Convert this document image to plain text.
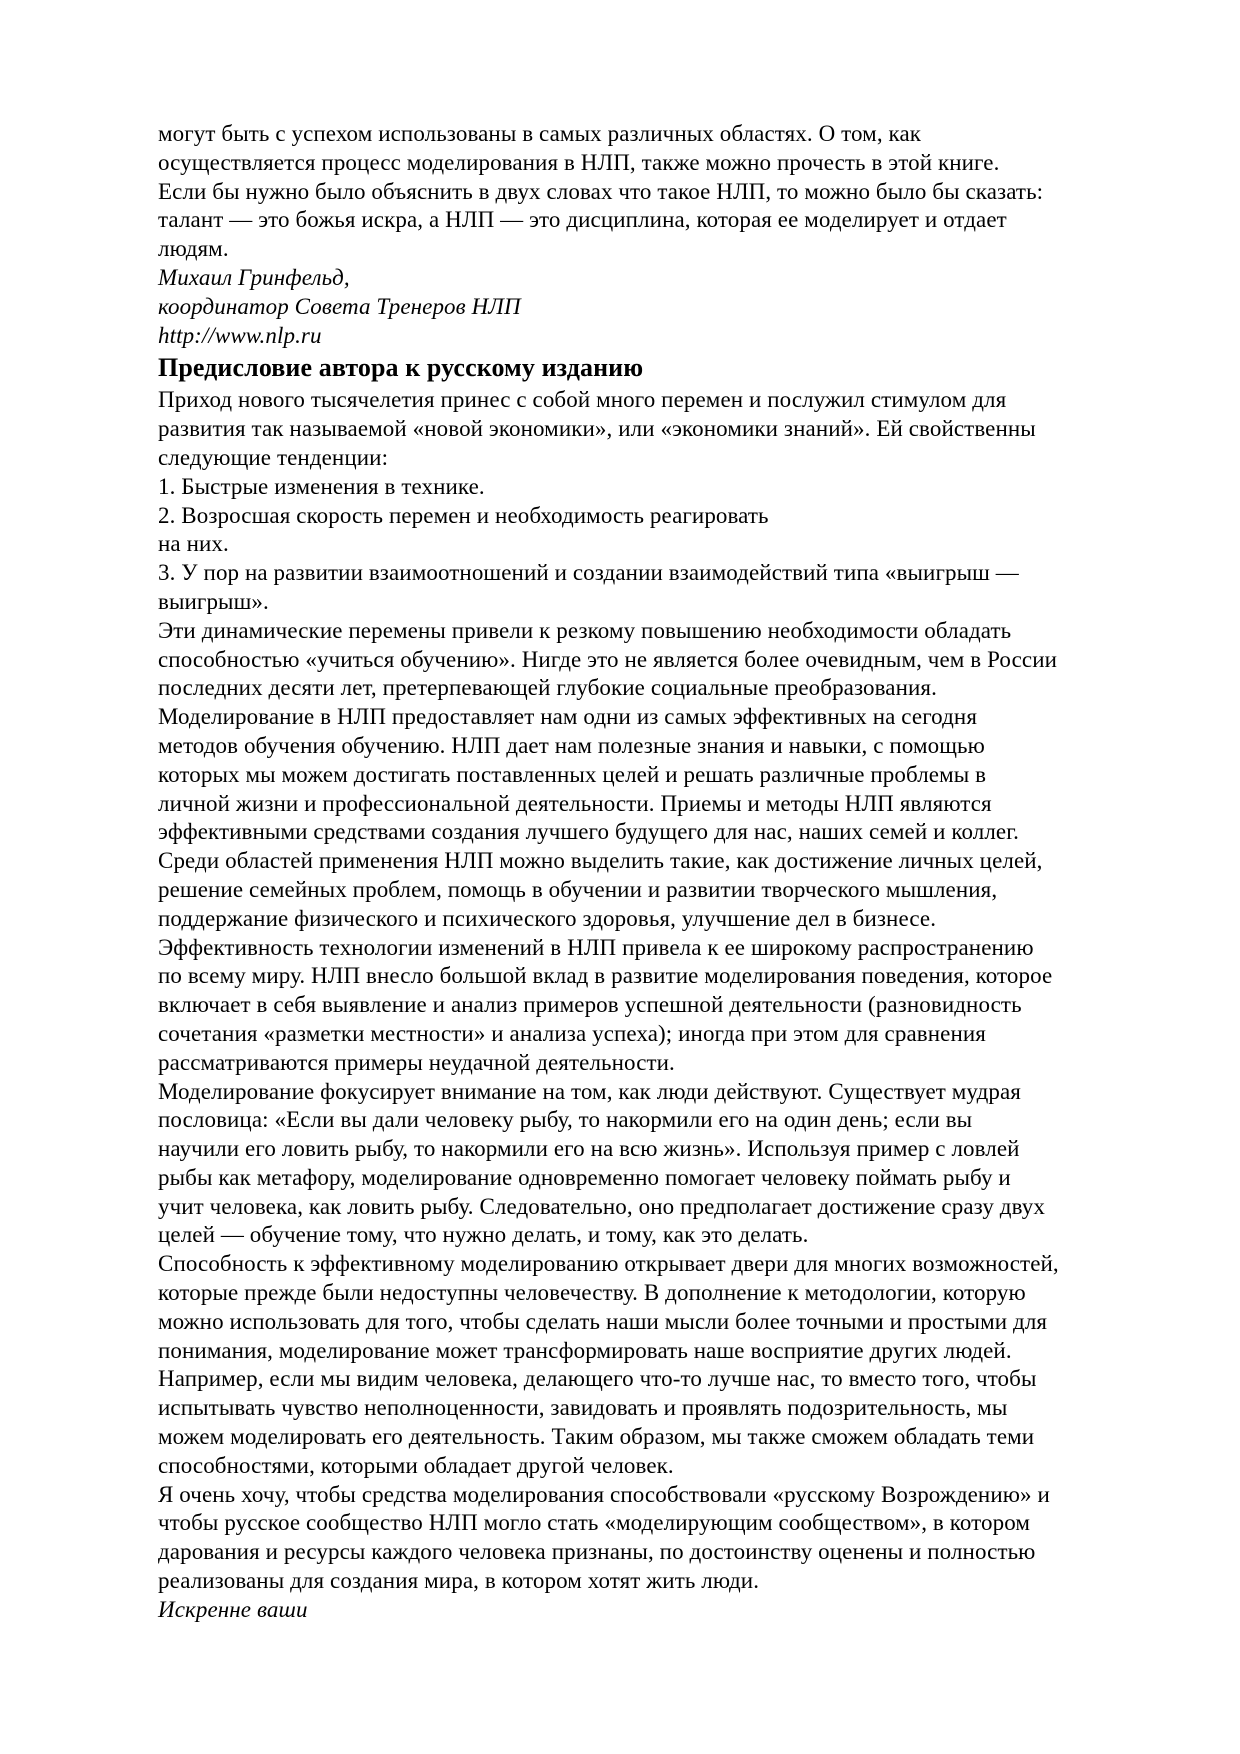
могут быть с успехом использованы в самых различных областях. О том, как
осуществляется процесс моделирования в НЛП, также можно прочесть в этой книге.
Если бы нужно было объяснить в двух словах что такое НЛП, то можно было бы сказать:
талант — это божья искра, а НЛП — это дисциплина, которая ее моделирует и отдает
людям.
Михаил Гринфельд,
координатор Совета Тренеров НЛП
http://www.nlp.ru
Предисловие автора к русскому изданию
Приход нового тысячелетия принес с собой много перемен и послужил стимулом для
развития так называемой «новой экономики», или «экономики знаний». Ей свойственны
следующие тенденции:
1. Быстрые изменения в технике.
2. Возросшая скорость перемен и необходимость реагировать
на них.
3. У пор на развитии взаимоотношений и создании взаимодействий типа «выигрыш —
выигрыш».
Эти динамические перемены привели к резкому повышению необходимости обладать
способностью «учиться обучению». Нигде это не является более очевидным, чем в России
последних десяти лет, претерпевающей глубокие социальные преобразования.
Моделирование в НЛП предоставляет нам одни из самых эффективных на сегодня
методов обучения обучению. НЛП дает нам полезные знания и навыки, с помощью
которых мы можем достигать поставленных целей и решать различные проблемы в
личной жизни и профессиональной деятельности. Приемы и методы НЛП являются
эффективными средствами создания лучшего будущего для нас, наших семей и коллег.
Среди областей применения НЛП можно выделить такие, как достижение личных целей,
решение семейных проблем, помощь в обучении и развитии творческого мышления,
поддержание физического и психического здоровья, улучшение дел в бизнесе.
Эффективность технологии изменений в НЛП привела к ее широкому распространению
по всему миру. НЛП внесло большой вклад в развитие моделирования поведения, которое
включает в себя выявление и анализ примеров успешной деятельности (разновидность
сочетания «разметки местности» и анализа успеха); иногда при этом для сравнения
рассматриваются примеры неудачной деятельности.
Моделирование фокусирует внимание на том, как люди действуют. Существует мудрая
пословица: «Если вы дали человеку рыбу, то накормили его на один день; если вы
научили его ловить рыбу, то накормили его на всю жизнь». Используя пример с ловлей
рыбы как метафору, моделирование одновременно помогает человеку поймать рыбу и
учит человека, как ловить рыбу. Следовательно, оно предполагает достижение сразу двух
целей — обучение тому, что нужно делать, и тому, как это делать.
Способность к эффективному моделированию открывает двери для многих возможностей,
которые прежде были недоступны человечеству. В дополнение к методологии, которую
можно использовать для того, чтобы сделать наши мысли более точными и простыми для
понимания, моделирование может трансформировать наше восприятие других людей.
Например, если мы видим человека, делающего что-то лучше нас, то вместо того, чтобы
испытывать чувство неполноценности, завидовать и проявлять подозрительность, мы
можем моделировать его деятельность. Таким образом, мы также сможем обладать теми
способностями, которыми обладает другой человек.
Я очень хочу, чтобы средства моделирования способствовали «русскому Возрождению» и
чтобы русское сообщество НЛП могло стать «моделирующим сообществом», в котором
дарования и ресурсы каждого человека признаны, по достоинству оценены и полностью
реализованы для создания мира, в котором хотят жить люди.
Искренне ваши
